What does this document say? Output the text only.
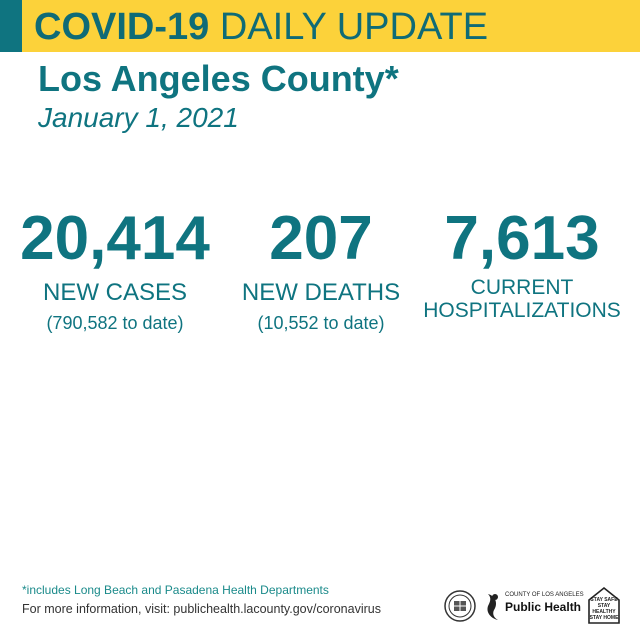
COVID-19 DAILY UPDATE
Los Angeles County*
January 1, 2021
20,414
NEW CASES
(790,582 to date)
207
NEW DEATHS
(10,552 to date)
7,613
CURRENT
HOSPITALIZATIONS
*includes Long Beach and Pasadena Health Departments
For more information, visit: publichealth.lacounty.gov/coronavirus
COUNTY OF LOS ANGELES
Public Health	STAY SAFE
STAY HEALTHY
STAY HOME
